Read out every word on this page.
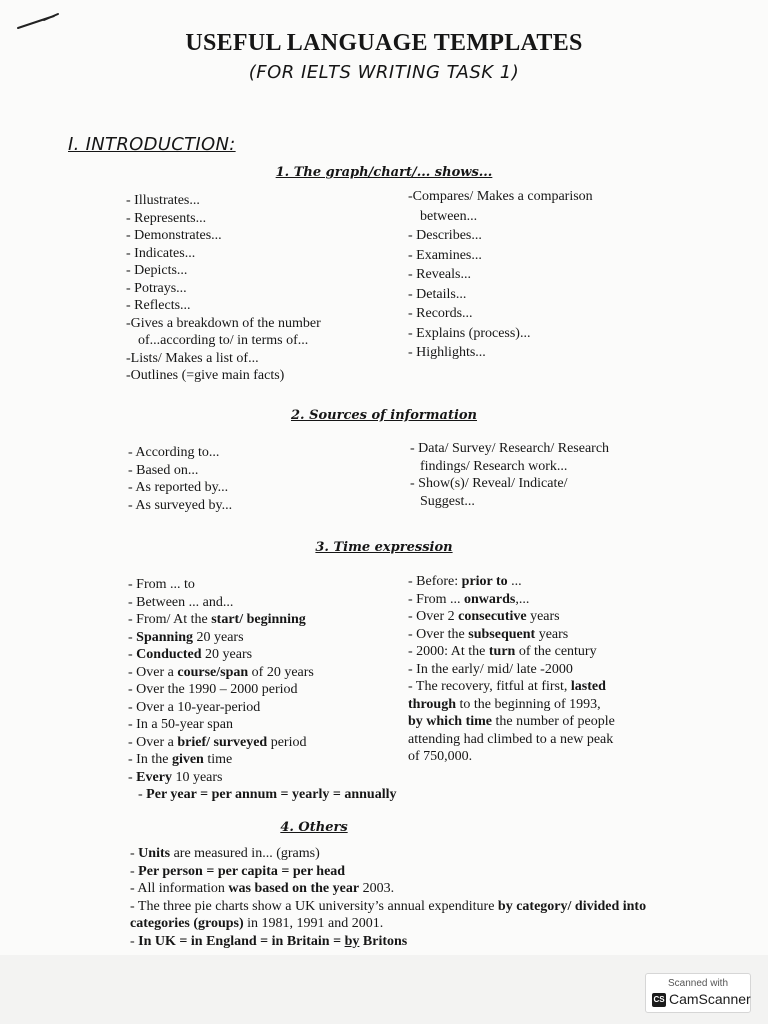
USEFUL LANGUAGE TEMPLATES
(FOR IELTS WRITING TASK 1)
I. INTRODUCTION:
1. The graph/chart/... shows...
- Illustrates...
- Represents...
- Demonstrates...
- Indicates...
- Depicts...
- Potrays...
- Reflects...
-Gives a breakdown of the number
of...according to/ in terms of...
-Lists/ Makes a list of...
-Outlines (=give main facts)
-Compares/ Makes a comparison
between...
- Describes...
- Examines...
- Reveals...
- Details...
- Records...
- Explains (process)...
- Highlights...
2. Sources of information
- According to...
- Based on...
- As reported by...
- As surveyed by...
- Data/ Survey/ Research/ Research
findings/ Research work...
- Show(s)/ Reveal/ Indicate/
Suggest...
3. Time expression
- From ... to
- Between ... and...
- From/ At the start/ beginning
- Spanning 20 years
- Conducted 20 years
- Over a course/span of 20 years
- Over the 1990 – 2000 period
- Over a 10-year-period
- In a 50-year span
- Over a brief/ surveyed period
- In the given time
- Every 10 years
- Per year = per annum = yearly = annually
- Before: prior to ...
- From ... onwards,...
- Over 2 consecutive years
- Over the subsequent years
- 2000: At the turn of the century
- In the early/ mid/ late -2000
- The recovery, fitful at first, lasted
through to the beginning of 1993,
by which time the number of people
attending had climbed to a new peak
of 750,000.
4. Others
- Units are measured in... (grams)
- Per person = per capita = per head
- All information was based on the year 2003.
- The three pie charts show a UK university’s annual expenditure by category/ divided into
categories (groups) in 1981, 1991 and 2001.
- In UK = in England = in Britain = by Britons
Scanned with
CS CamScanner
